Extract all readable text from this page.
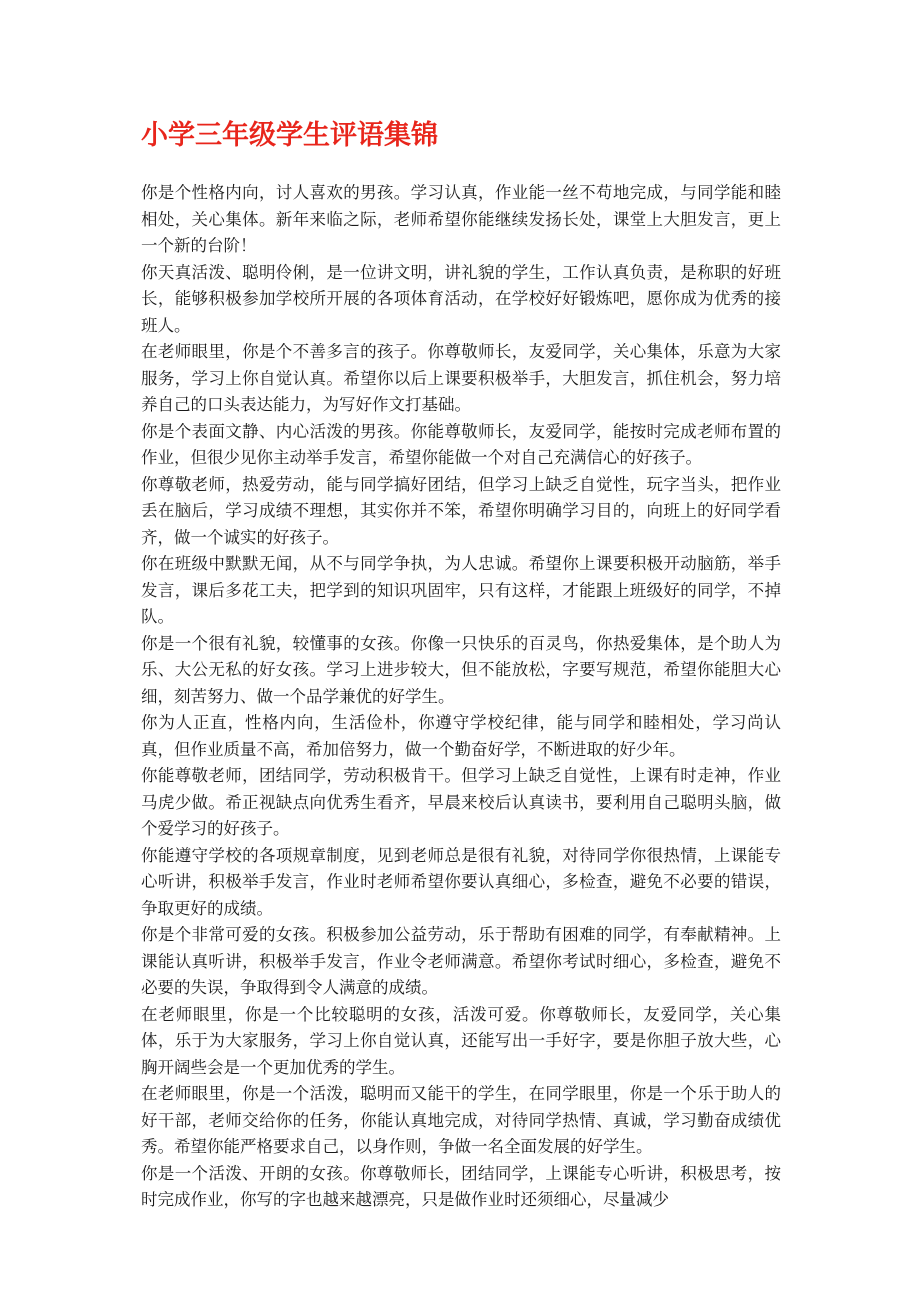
小学三年级学生评语集锦

你是个性格内向，讨人喜欢的男孩。学习认真，作业能一丝不苟地完成，与同学能和睦相处，关心集体。新年来临之际，老师希望你能继续发扬长处，课堂上大胆发言，更上一个新的台阶！

你天真活泼、聪明伶俐，是一位讲文明，讲礼貌的学生，工作认真负责，是称职的好班长，能够积极参加学校所开展的各项体育活动，在学校好好锻炼吧，愿你成为优秀的接班人。

在老师眼里，你是个不善多言的孩子。你尊敬师长，友爱同学，关心集体，乐意为大家服务，学习上你自觉认真。希望你以后上课要积极举手，大胆发言，抓住机会，努力培养自己的口头表达能力，为写好作文打基础。

你是个表面文静、内心活泼的男孩。你能尊敬师长，友爱同学，能按时完成老师布置的作业，但很少见你主动举手发言，希望你能做一个对自己充满信心的好孩子。

你尊敬老师，热爱劳动，能与同学搞好团结，但学习上缺乏自觉性，玩字当头，把作业丢在脑后，学习成绩不理想，其实你并不笨，希望你明确学习目的，向班上的好同学看齐，做一个诚实的好孩子。

你在班级中默默无闻，从不与同学争执，为人忠诚。希望你上课要积极开动脑筋，举手发言，课后多花工夫，把学到的知识巩固牢，只有这样，才能跟上班级好的同学，不掉队。

你是一个很有礼貌，较懂事的女孩。你像一只快乐的百灵鸟，你热爱集体，是个助人为乐、大公无私的好女孩。学习上进步较大，但不能放松，字要写规范，希望你能胆大心细，刻苦努力、做一个品学兼优的好学生。

你为人正直，性格内向，生活俭朴，你遵守学校纪律，能与同学和睦相处，学习尚认真，但作业质量不高，希加倍努力，做一个勤奋好学，不断进取的好少年。

你能尊敬老师，团结同学，劳动积极肯干。但学习上缺乏自觉性，上课有时走神，作业马虎少做。希正视缺点向优秀生看齐，早晨来校后认真读书，要利用自己聪明头脑，做个爱学习的好孩子。

你能遵守学校的各项规章制度，见到老师总是很有礼貌，对待同学你很热情，上课能专心听讲，积极举手发言，作业时老师希望你要认真细心，多检查，避免不必要的错误，争取更好的成绩。

你是个非常可爱的女孩。积极参加公益劳动，乐于帮助有困难的同学，有奉献精神。上课能认真听讲，积极举手发言，作业令老师满意。希望你考试时细心，多检查，避免不必要的失误，争取得到令人满意的成绩。

在老师眼里，你是一个比较聪明的女孩，活泼可爱。你尊敬师长，友爱同学，关心集体，乐于为大家服务，学习上你自觉认真，还能写出一手好字，要是你胆子放大些，心胸开阔些会是一个更加优秀的学生。

在老师眼里，你是一个活泼，聪明而又能干的学生，在同学眼里，你是一个乐于助人的好干部，老师交给你的任务，你能认真地完成，对待同学热情、真诚，学习勤奋成绩优秀。希望你能严格要求自己，以身作则，争做一名全面发展的好学生。

你是一个活泼、开朗的女孩。你尊敬师长，团结同学，上课能专心听讲，积极思考，按时完成作业，你写的字也越来越漂亮，只是做作业时还须细心，尽量减少
